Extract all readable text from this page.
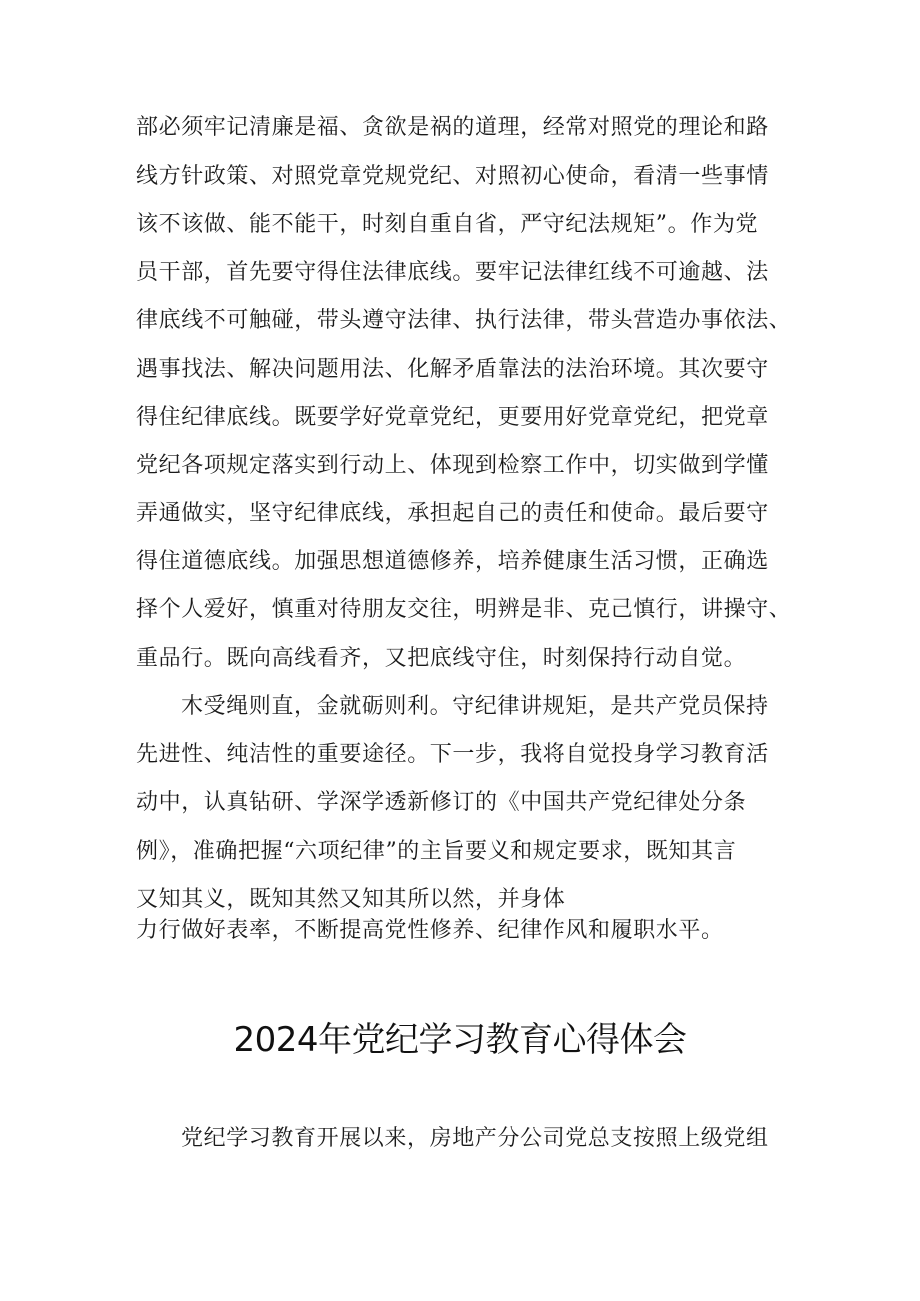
部必须牢记清廉是福、贪欲是祸的道理，经常对照党的理论和路
线方针政策、对照党章党规党纪、对照初心使命，看清一些事情
该不该做、能不能干，时刻自重自省，严守纪法规矩”。作为党
员干部，首先要守得住法律底线。要牢记法律红线不可逾越、法
律底线不可触碰，带头遵守法律、执行法律，带头营造办事依法、
遇事找法、解决问题用法、化解矛盾靠法的法治环境。其次要守
得住纪律底线。既要学好党章党纪，更要用好党章党纪，把党章
党纪各项规定落实到行动上、体现到检察工作中，切实做到学懂
弄通做实，坚守纪律底线，承担起自己的责任和使命。最后要守
得住道德底线。加强思想道德修养，培养健康生活习惯，正确选
择个人爱好，慎重对待朋友交往，明辨是非、克己慎行，讲操守、
重品行。既向高线看齐，又把底线守住，时刻保持行动自觉。
木受绳则直，金就砺则利。守纪律讲规矩，是共产党员保持
先进性、纯洁性的重要途径。下一步，我将自觉投身学习教育活
动中，认真钻研、学深学透新修订的《中国共产党纪律处分条
例》，准确把握“六项纪律”的主旨要义和规定要求，既知其言
又知其义，既知其然又知其所以然，并身体
力行做好表率，不断提高党性修养、纪律作风和履职水平。
2024年党纪学习教育心得体会
党纪学习教育开展以来，房地产分公司党总支按照上级党组
